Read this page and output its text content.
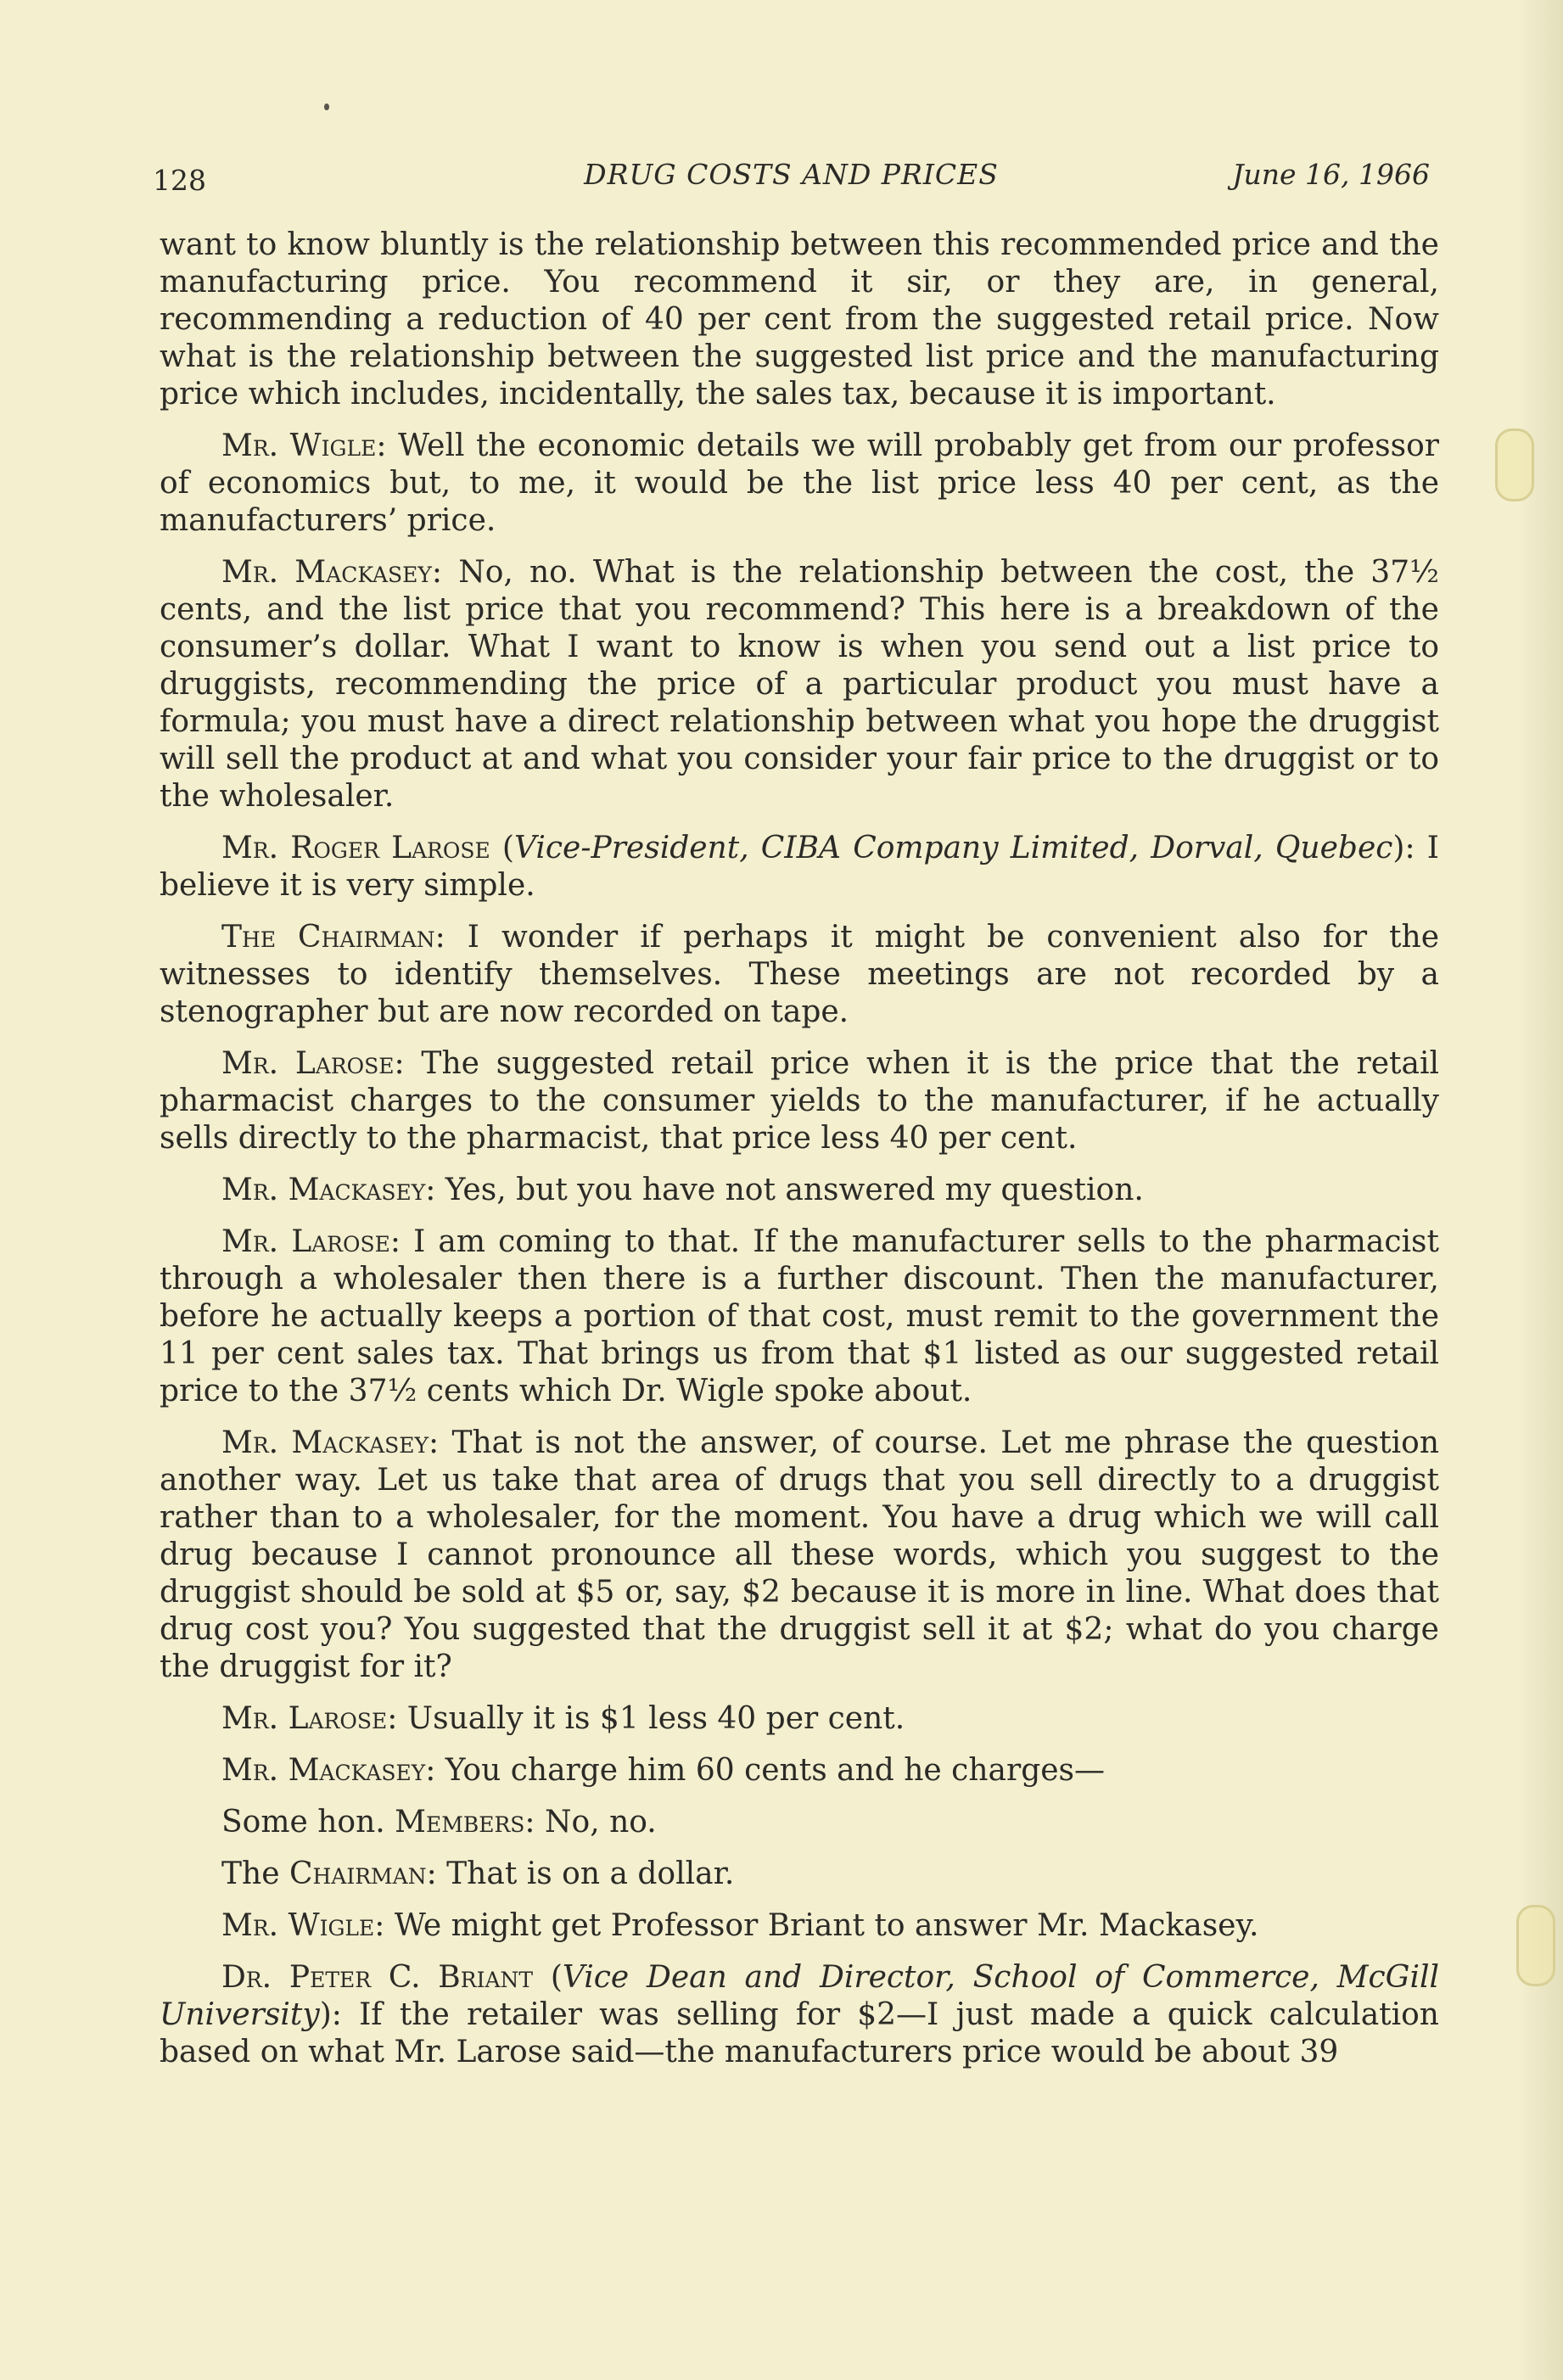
128	DRUG COSTS AND PRICES	June 16, 1966

want to know bluntly is the relationship between this recommended price and the manufacturing price. You recommend it sir, or they are, in general, recommending a reduction of 40 per cent from the suggested retail price. Now what is the relationship between the suggested list price and the manufacturing price which includes, incidentally, the sales tax, because it is important.

Mr. Wigle: Well the economic details we will probably get from our professor of economics but, to me, it would be the list price less 40 per cent, as the manufacturers’ price.

Mr. Mackasey: No, no. What is the relationship between the cost, the 37½ cents, and the list price that you recommend? This here is a breakdown of the consumer’s dollar. What I want to know is when you send out a list price to druggists, recommending the price of a particular product you must have a formula; you must have a direct relationship between what you hope the druggist will sell the product at and what you consider your fair price to the druggist or to the wholesaler.

Mr. Roger Larose (Vice-President, CIBA Company Limited, Dorval, Quebec): I believe it is very simple.

The Chairman: I wonder if perhaps it might be convenient also for the witnesses to identify themselves. These meetings are not recorded by a stenographer but are now recorded on tape.

Mr. Larose: The suggested retail price when it is the price that the retail pharmacist charges to the consumer yields to the manufacturer, if he actually sells directly to the pharmacist, that price less 40 per cent.

Mr. Mackasey: Yes, but you have not answered my question.

Mr. Larose: I am coming to that. If the manufacturer sells to the pharmacist through a wholesaler then there is a further discount. Then the manufacturer, before he actually keeps a portion of that cost, must remit to the government the 11 per cent sales tax. That brings us from that $1 listed as our suggested retail price to the 37½ cents which Dr. Wigle spoke about.

Mr. Mackasey: That is not the answer, of course. Let me phrase the question another way. Let us take that area of drugs that you sell directly to a druggist rather than to a wholesaler, for the moment. You have a drug which we will call drug because I cannot pronounce all these words, which you suggest to the druggist should be sold at $5 or, say, $2 because it is more in line. What does that drug cost you? You suggested that the druggist sell it at $2; what do you charge the druggist for it?

Mr. Larose: Usually it is $1 less 40 per cent.

Mr. Mackasey: You charge him 60 cents and he charges—

Some hon. Members: No, no.

The Chairman: That is on a dollar.

Mr. Wigle: We might get Professor Briant to answer Mr. Mackasey.

Dr. Peter C. Briant (Vice Dean and Director, School of Commerce, McGill University): If the retailer was selling for $2—I just made a quick calculation based on what Mr. Larose said—the manufacturers price would be about 39
